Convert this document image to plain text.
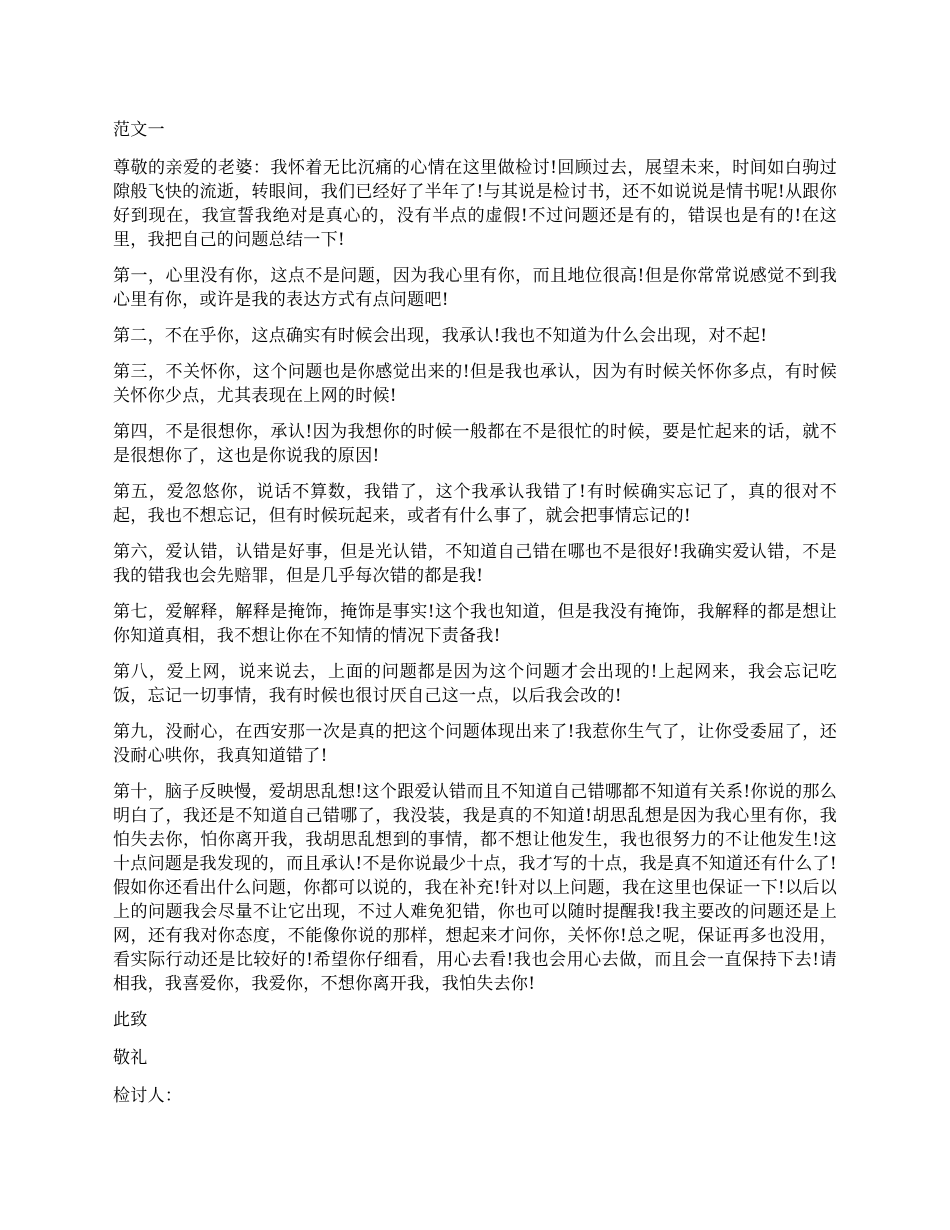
范文一

尊敬的亲爱的老婆：我怀着无比沉痛的心情在这里做检讨!回顾过去，展望未来，时间如白驹过隙般飞快的流逝，转眼间，我们已经好了半年了!与其说是检讨书，还不如说说是情书呢!从跟你好到现在，我宣誓我绝对是真心的，没有半点的虚假!不过问题还是有的，错误也是有的!在这里，我把自己的问题总结一下!

第一，心里没有你，这点不是问题，因为我心里有你，而且地位很高!但是你常常说感觉不到我心里有你，或许是我的表达方式有点问题吧!

第二，不在乎你，这点确实有时候会出现，我承认!我也不知道为什么会出现，对不起!

第三，不关怀你，这个问题也是你感觉出来的!但是我也承认，因为有时候关怀你多点，有时候关怀你少点，尤其表现在上网的时候!

第四，不是很想你，承认!因为我想你的时候一般都在不是很忙的时候，要是忙起来的话，就不是很想你了，这也是你说我的原因!

第五，爱忽悠你，说话不算数，我错了，这个我承认我错了!有时候确实忘记了，真的很对不起，我也不想忘记，但有时候玩起来，或者有什么事了，就会把事情忘记的!

第六，爱认错，认错是好事，但是光认错，不知道自己错在哪也不是很好!我确实爱认错，不是我的错我也会先赔罪，但是几乎每次错的都是我!

第七，爱解释，解释是掩饰，掩饰是事实!这个我也知道，但是我没有掩饰，我解释的都是想让你知道真相，我不想让你在不知情的情况下责备我!

第八，爱上网，说来说去，上面的问题都是因为这个问题才会出现的!上起网来，我会忘记吃饭，忘记一切事情，我有时候也很讨厌自己这一点，以后我会改的!

第九，没耐心，在西安那一次是真的把这个问题体现出来了!我惹你生气了，让你受委屈了，还没耐心哄你，我真知道错了!

第十，脑子反映慢，爱胡思乱想!这个跟爱认错而且不知道自己错哪都不知道有关系!你说的那么明白了，我还是不知道自己错哪了，我没装，我是真的不知道!胡思乱想是因为我心里有你，我怕失去你，怕你离开我，我胡思乱想到的事情，都不想让他发生，我也很努力的不让他发生!这十点问题是我发现的，而且承认!不是你说最少十点，我才写的十点，我是真不知道还有什么了!假如你还看出什么问题，你都可以说的，我在补充!针对以上问题，我在这里也保证一下!以后以上的问题我会尽量不让它出现，不过人难免犯错，你也可以随时提醒我!我主要改的问题还是上网，还有我对你态度，不能像你说的那样，想起来才问你，关怀你!总之呢，保证再多也没用，看实际行动还是比较好的!希望你仔细看，用心去看!我也会用心去做，而且会一直保持下去!请相我，我喜爱你，我爱你，不想你离开我，我怕失去你!

此致

敬礼

检讨人：
